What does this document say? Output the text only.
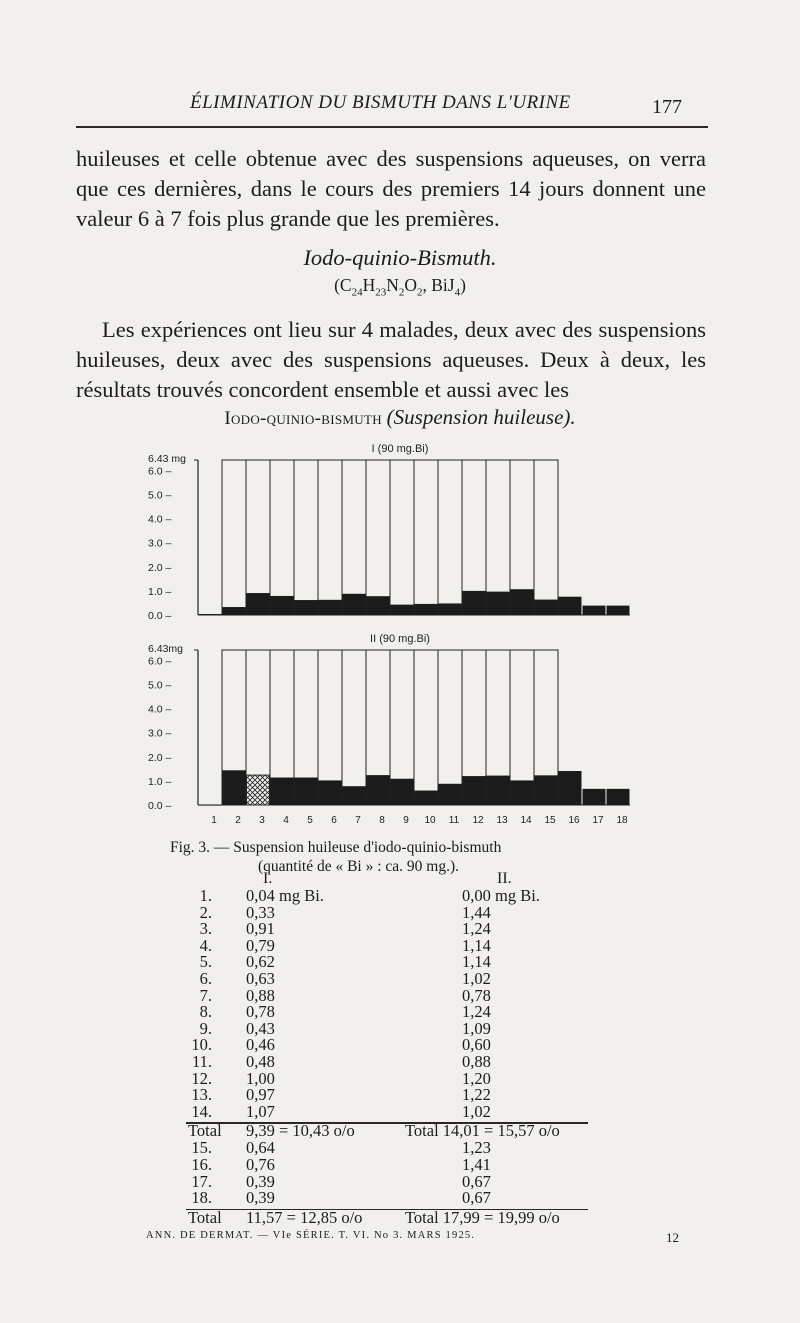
ÉLIMINATION DU BISMUTH DANS L'URINE	177
huileuses et celle obtenue avec des suspensions aqueuses, on verra que ces dernières, dans le cours des premiers 14 jours donnent une valeur 6 à 7 fois plus grande que les premières.
Iodo-quinio-Bismuth.
($C_{24}H_{23}N_2O_2$, BiJ$_4$)
Les expériences ont lieu sur 4 malades, deux avec des suspensions huileuses, deux avec des suspensions aqueuses. Deux à deux, les résultats trouvés concordent ensemble et aussi avec les
Iodo-quinio-bismuth (Suspension huileuse).
I (90 mg.Bi)
6.43 mg
6.0 –
5.0 –
4.0 –
3.0 –
2.0 –
1.0 –
0.0 –
II (90 mg.Bi)
6.43mg
6.0 –
5.0 –
4.0 –
3.0 –
2.0 –
1.0 –
0.0 –
1 2 3 4 5 6 7 8 9 10 11 12 13 14 15 16 17 18
Fig. 3. — Suspension huileuse d'iodo-quinio-bismuth
(quantité de « Bi » : ca. 90 mg.).
I.	II.
1. 0,04 mg Bi.	0,00 mg Bi.
2. 0,33	1,44
3. 0,91	1,24
4. 0,79	1,14
5. 0,62	1,14
6. 0,63	1,02
7. 0,88	0,78
8. 0,78	1,24
9. 0,43	1,09
10. 0,46	0,60
11. 0,48	0,88
12. 1,00	1,20
13. 0,97	1,22
14. 1,07	1,02
Total 9,39 = 10,43 o/o	Total 14,01 = 15,57 o/o
15. 0,64	1,23
16. 0,76	1,41
17. 0,39	0,67
18. 0,39	0,67
Total 11,57 = 12,85 o/o	Total 17,99 = 19,99 o/o
ANN. DE DERMAT. — VIe SÉRIE. T. VI. No 3. MARS 1925.	12
